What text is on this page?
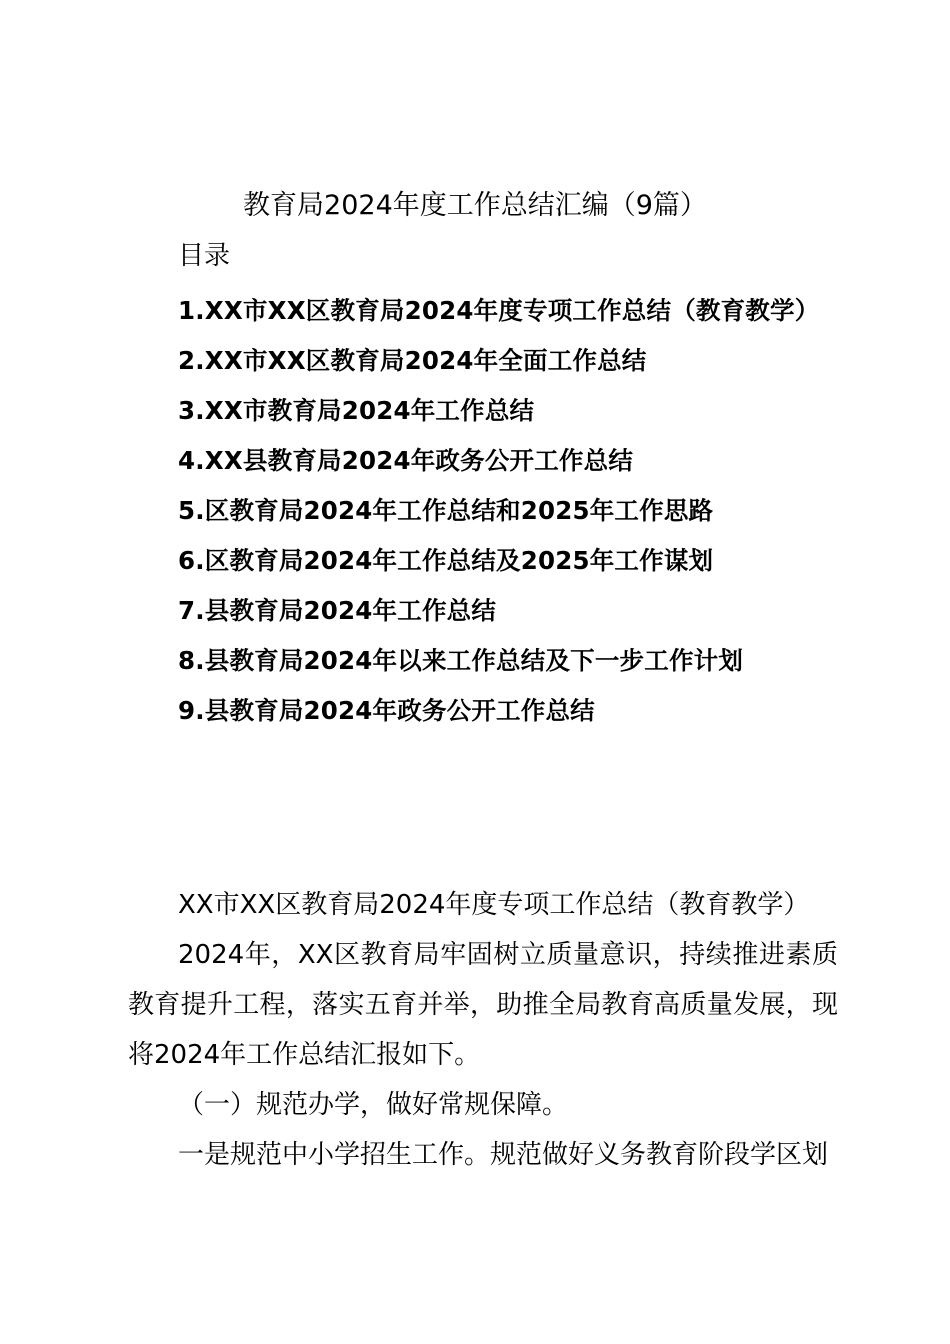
教育局2024年度工作总结汇编（9篇）
目录
1.XX市XX区教育局2024年度专项工作总结（教育教学）
2.XX市XX区教育局2024年全面工作总结
3.XX市教育局2024年工作总结
4.XX县教育局2024年政务公开工作总结
5.区教育局2024年工作总结和2025年工作思路
6.区教育局2024年工作总结及2025年工作谋划
7.县教育局2024年工作总结
8.县教育局2024年以来工作总结及下一步工作计划
9.县教育局2024年政务公开工作总结

XX市XX区教育局2024年度专项工作总结（教育教学）

2024年，XX区教育局牢固树立质量意识，持续推进素质教育提升工程，落实五育并举，助推全局教育高质量发展，现将2024年工作总结汇报如下。

（一）规范办学，做好常规保障。

一是规范中小学招生工作。规范做好义务教育阶段学区划
